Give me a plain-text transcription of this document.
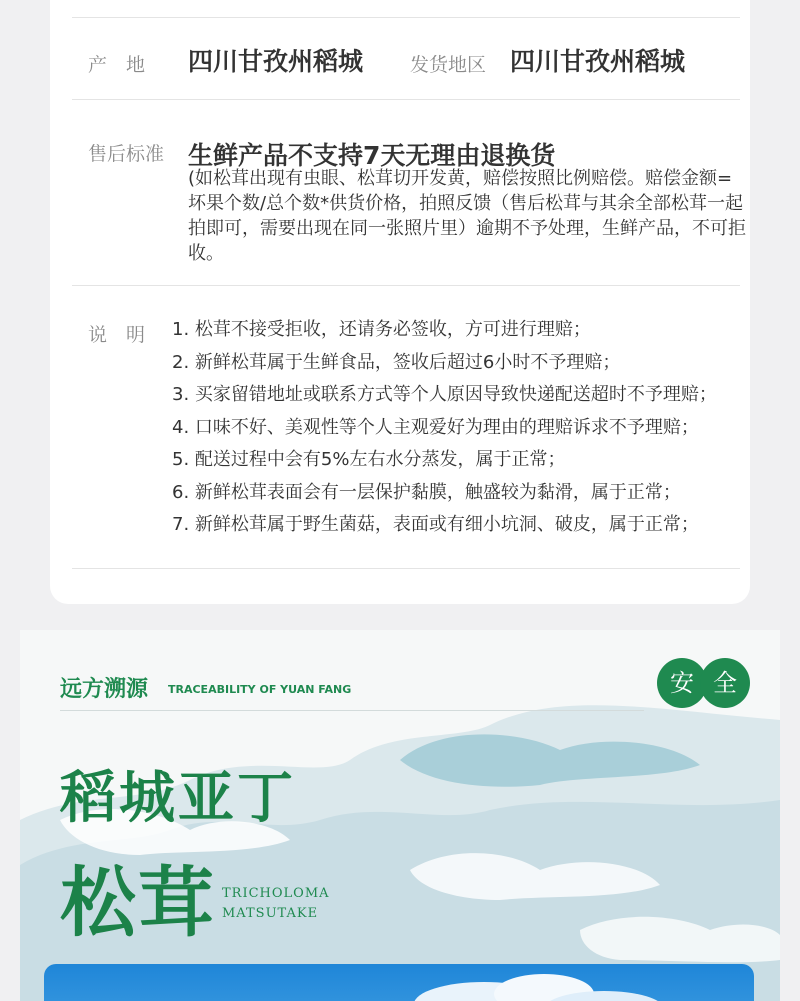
产　地 四川甘孜州稻城 发货地区 四川甘孜州稻城
售后标准 生鲜产品不支持7天无理由退换货
(如松茸出现有虫眼、松茸切开发黄，赔偿按照比例赔偿。赔偿金额=坏果个数/总个数*供货价格，拍照反馈（售后松茸与其余全部松茸一起拍即可，需要出现在同一张照片里）逾期不予处理，生鲜产品，不可拒收。
说　明 1. 松茸不接受拒收，还请务必签收，方可进行理赔；
2. 新鲜松茸属于生鲜食品，签收后超过6小时不予理赔；
3. 买家留错地址或联系方式等个人原因导致快递配送超时不予理赔；
4. 口味不好、美观性等个人主观爱好为理由的理赔诉求不予理赔；
5. 配送过程中会有5%左右水分蒸发，属于正常；
6. 新鲜松茸表面会有一层保护黏膜，触盛较为黏滑，属于正常；
7. 新鲜松茸属于野生菌菇，表面或有细小坑洞、破皮，属于正常；
远方溯源 TRACEABILITY OF YUAN FANG	安 全
稻城亚丁
松茸 TRICHOLOMA
MATSUTAKE
